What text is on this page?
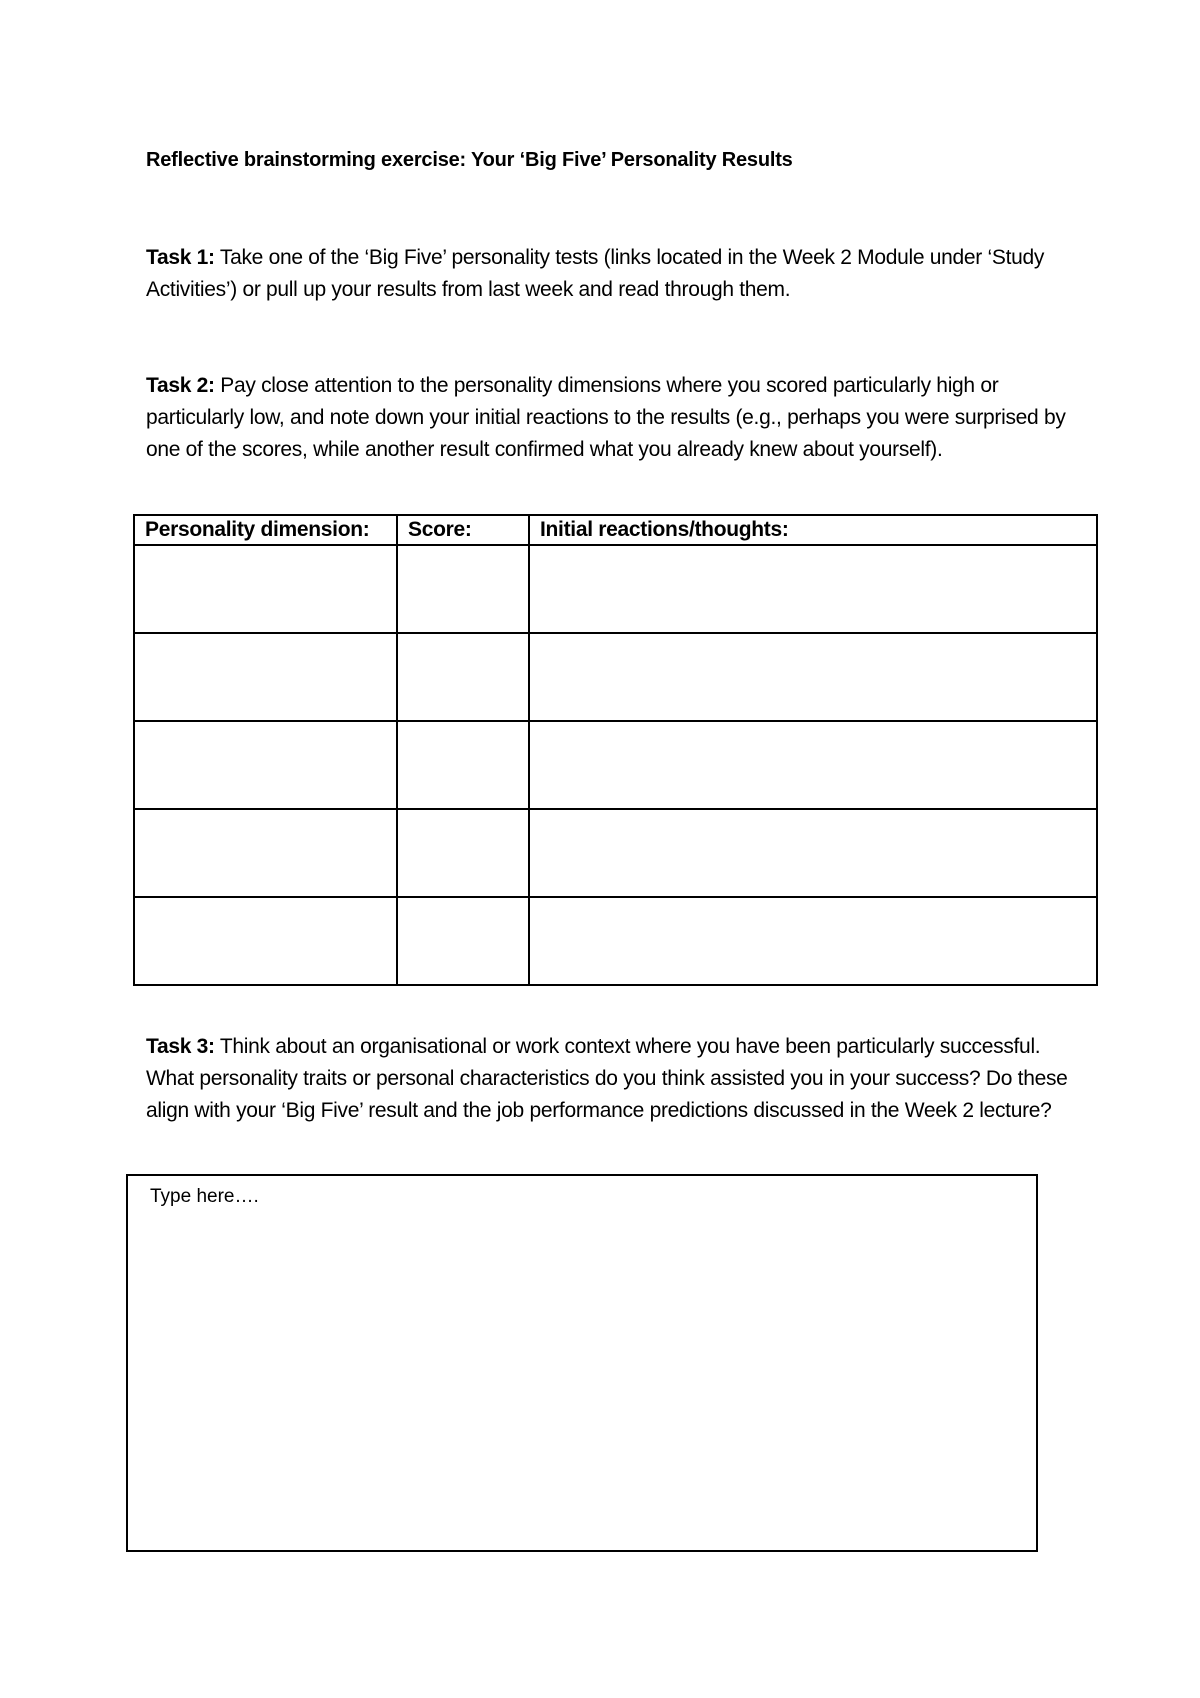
Reflective brainstorming exercise: Your ‘Big Five’ Personality Results

Task 1: Take one of the ‘Big Five’ personality tests (links located in the Week 2 Module under ‘Study Activities’) or pull up your results from last week and read through them.

Task 2: Pay close attention to the personality dimensions where you scored particularly high or particularly low, and note down your initial reactions to the results (e.g., perhaps you were surprised by one of the scores, while another result confirmed what you already knew about yourself).

Personality dimension:	Score:	Initial reactions/thoughts:

Task 3: Think about an organisational or work context where you have been particularly successful. What personality traits or personal characteristics do you think assisted you in your success? Do these align with your ‘Big Five’ result and the job performance predictions discussed in the Week 2 lecture?

Type here….
